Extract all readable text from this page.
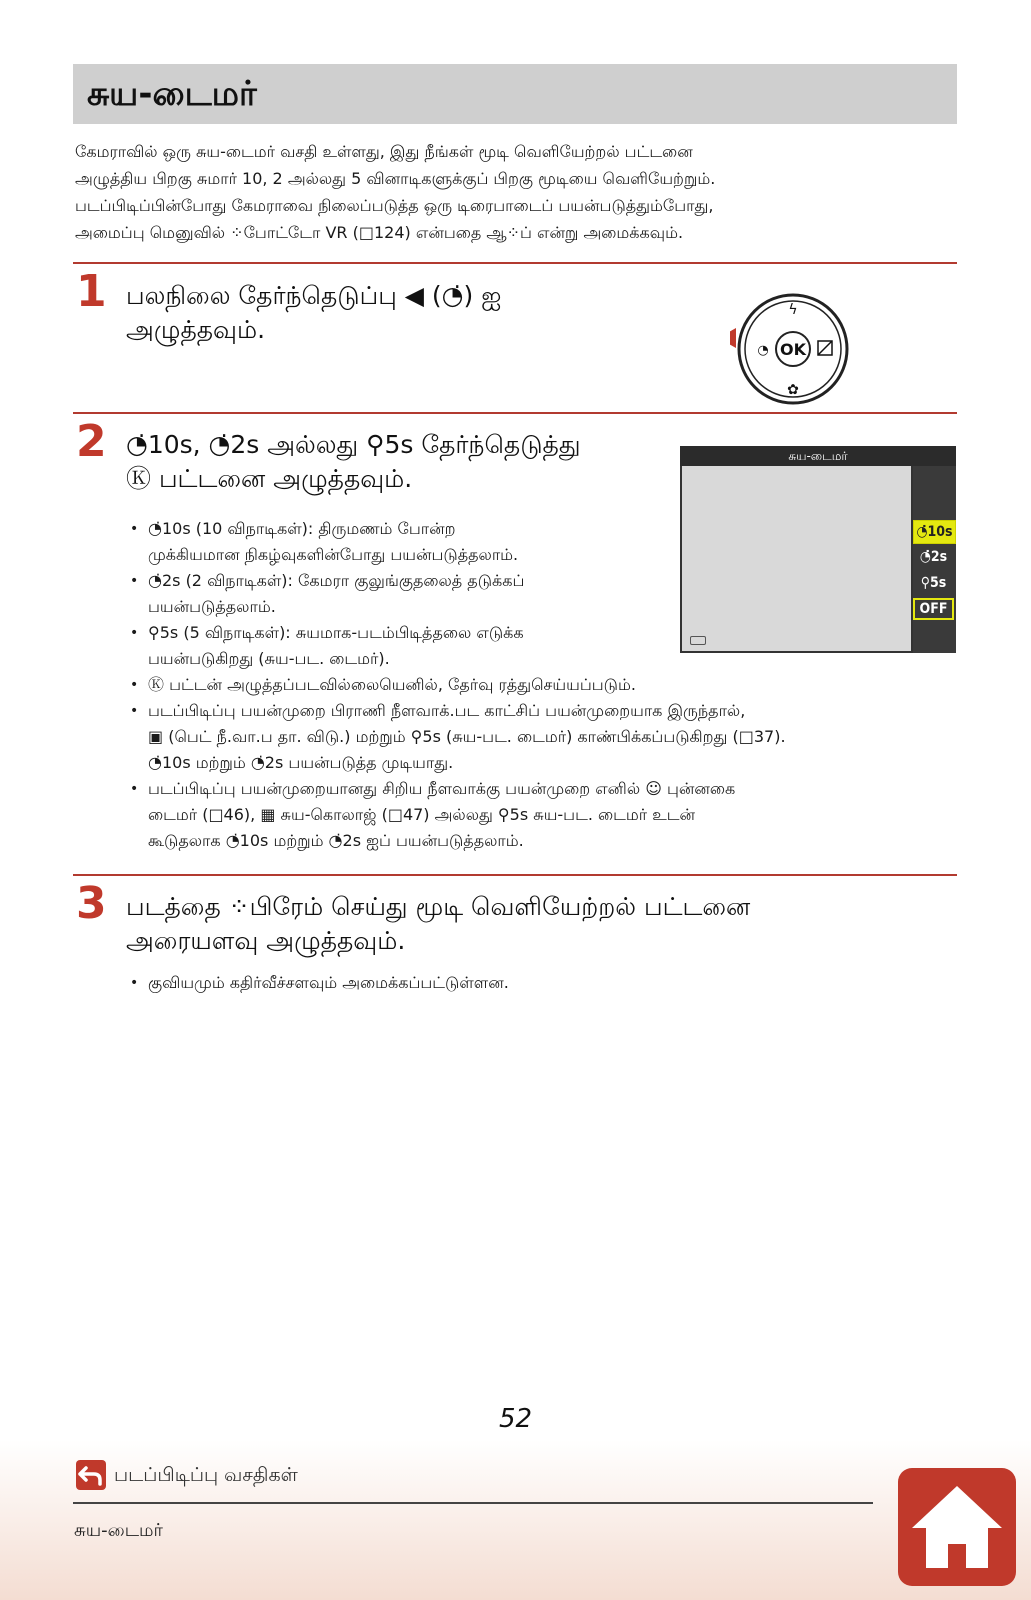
சுய-டைமர்

கேமராவில் ஒரு சுய-டைமர் வசதி உள்ளது, இது நீங்கள் மூடி வெளியேற்றல் பட்டனை

அழுத்திய பிறகு சுமார் 10, 2 அல்லது 5 வினாடிகளுக்குப் பிறகு மூடியை வெளியேற்றும்.

படப்பிடிப்பின்போது கேமராவை நிலைப்படுத்த ஒரு டிரைபாடைப் பயன்படுத்தும்போது,

அமைப்பு மெனுவில் ⁘போட்டோ VR (□124) என்பதை ஆ⁘ப் என்று அமைக்கவும்.

1 பலநிலை தேர்ந்தெடுப்பு ◀ (◔̇) ஐ

அழுத்தவும்.

OK
ϟ
✿
◔
2 ◔̇10s, ◔̇2s அல்லது ⚲5s தேர்ந்தெடுத்து

Ⓚ பட்டனை அழுத்தவும்.

• ◔̇10s (10 விநாடிகள்): திருமணம் போன்ற

முக்கியமான நிகழ்வுகளின்போது பயன்படுத்தலாம்.

• ◔̇2s (2 விநாடிகள்): கேமரா குலுங்குதலைத் தடுக்கப்

பயன்படுத்தலாம்.

• ⚲5s (5 விநாடிகள்): சுயமாக-படம்பிடித்தலை எடுக்க

பயன்படுகிறது (சுய-பட. டைமர்).

• Ⓚ பட்டன் அழுத்தப்படவில்லையெனில், தேர்வு ரத்துசெய்யப்படும்.

• படப்பிடிப்பு பயன்முறை பிராணி நீளவாக்.பட காட்சிப் பயன்முறையாக இருந்தால்,

▣ (பெட் நீ.வா.ப தா. விடு.) மற்றும் ⚲5s (சுய-பட. டைமர்) காண்பிக்கப்படுகிறது (□37).

◔̇10s மற்றும் ◔̇2s பயன்படுத்த முடியாது.

• படப்பிடிப்பு பயன்முறையானது சிறிய நீளவாக்கு பயன்முறை எனில் ☺ புன்னகை

டைமர் (□46), ▦ சுய-கொலாஜ் (□47) அல்லது ⚲5s சுய-பட. டைமர் உடன்

கூடுதலாக ◔̇10s மற்றும் ◔̇2s ஐப் பயன்படுத்தலாம்.

சுய-டைமர்
◔̇10s
◔̇2s
⚲5s
OFF
3 படத்தை ⁘பிரேம் செய்து மூடி வெளியேற்றல் பட்டனை

அரையளவு அழுத்தவும்.

• குவியமும் கதிர்வீச்சளவும் அமைக்கப்பட்டுள்ளன.

52
படப்பிடிப்பு வசதிகள்
சுய-டைமர்
